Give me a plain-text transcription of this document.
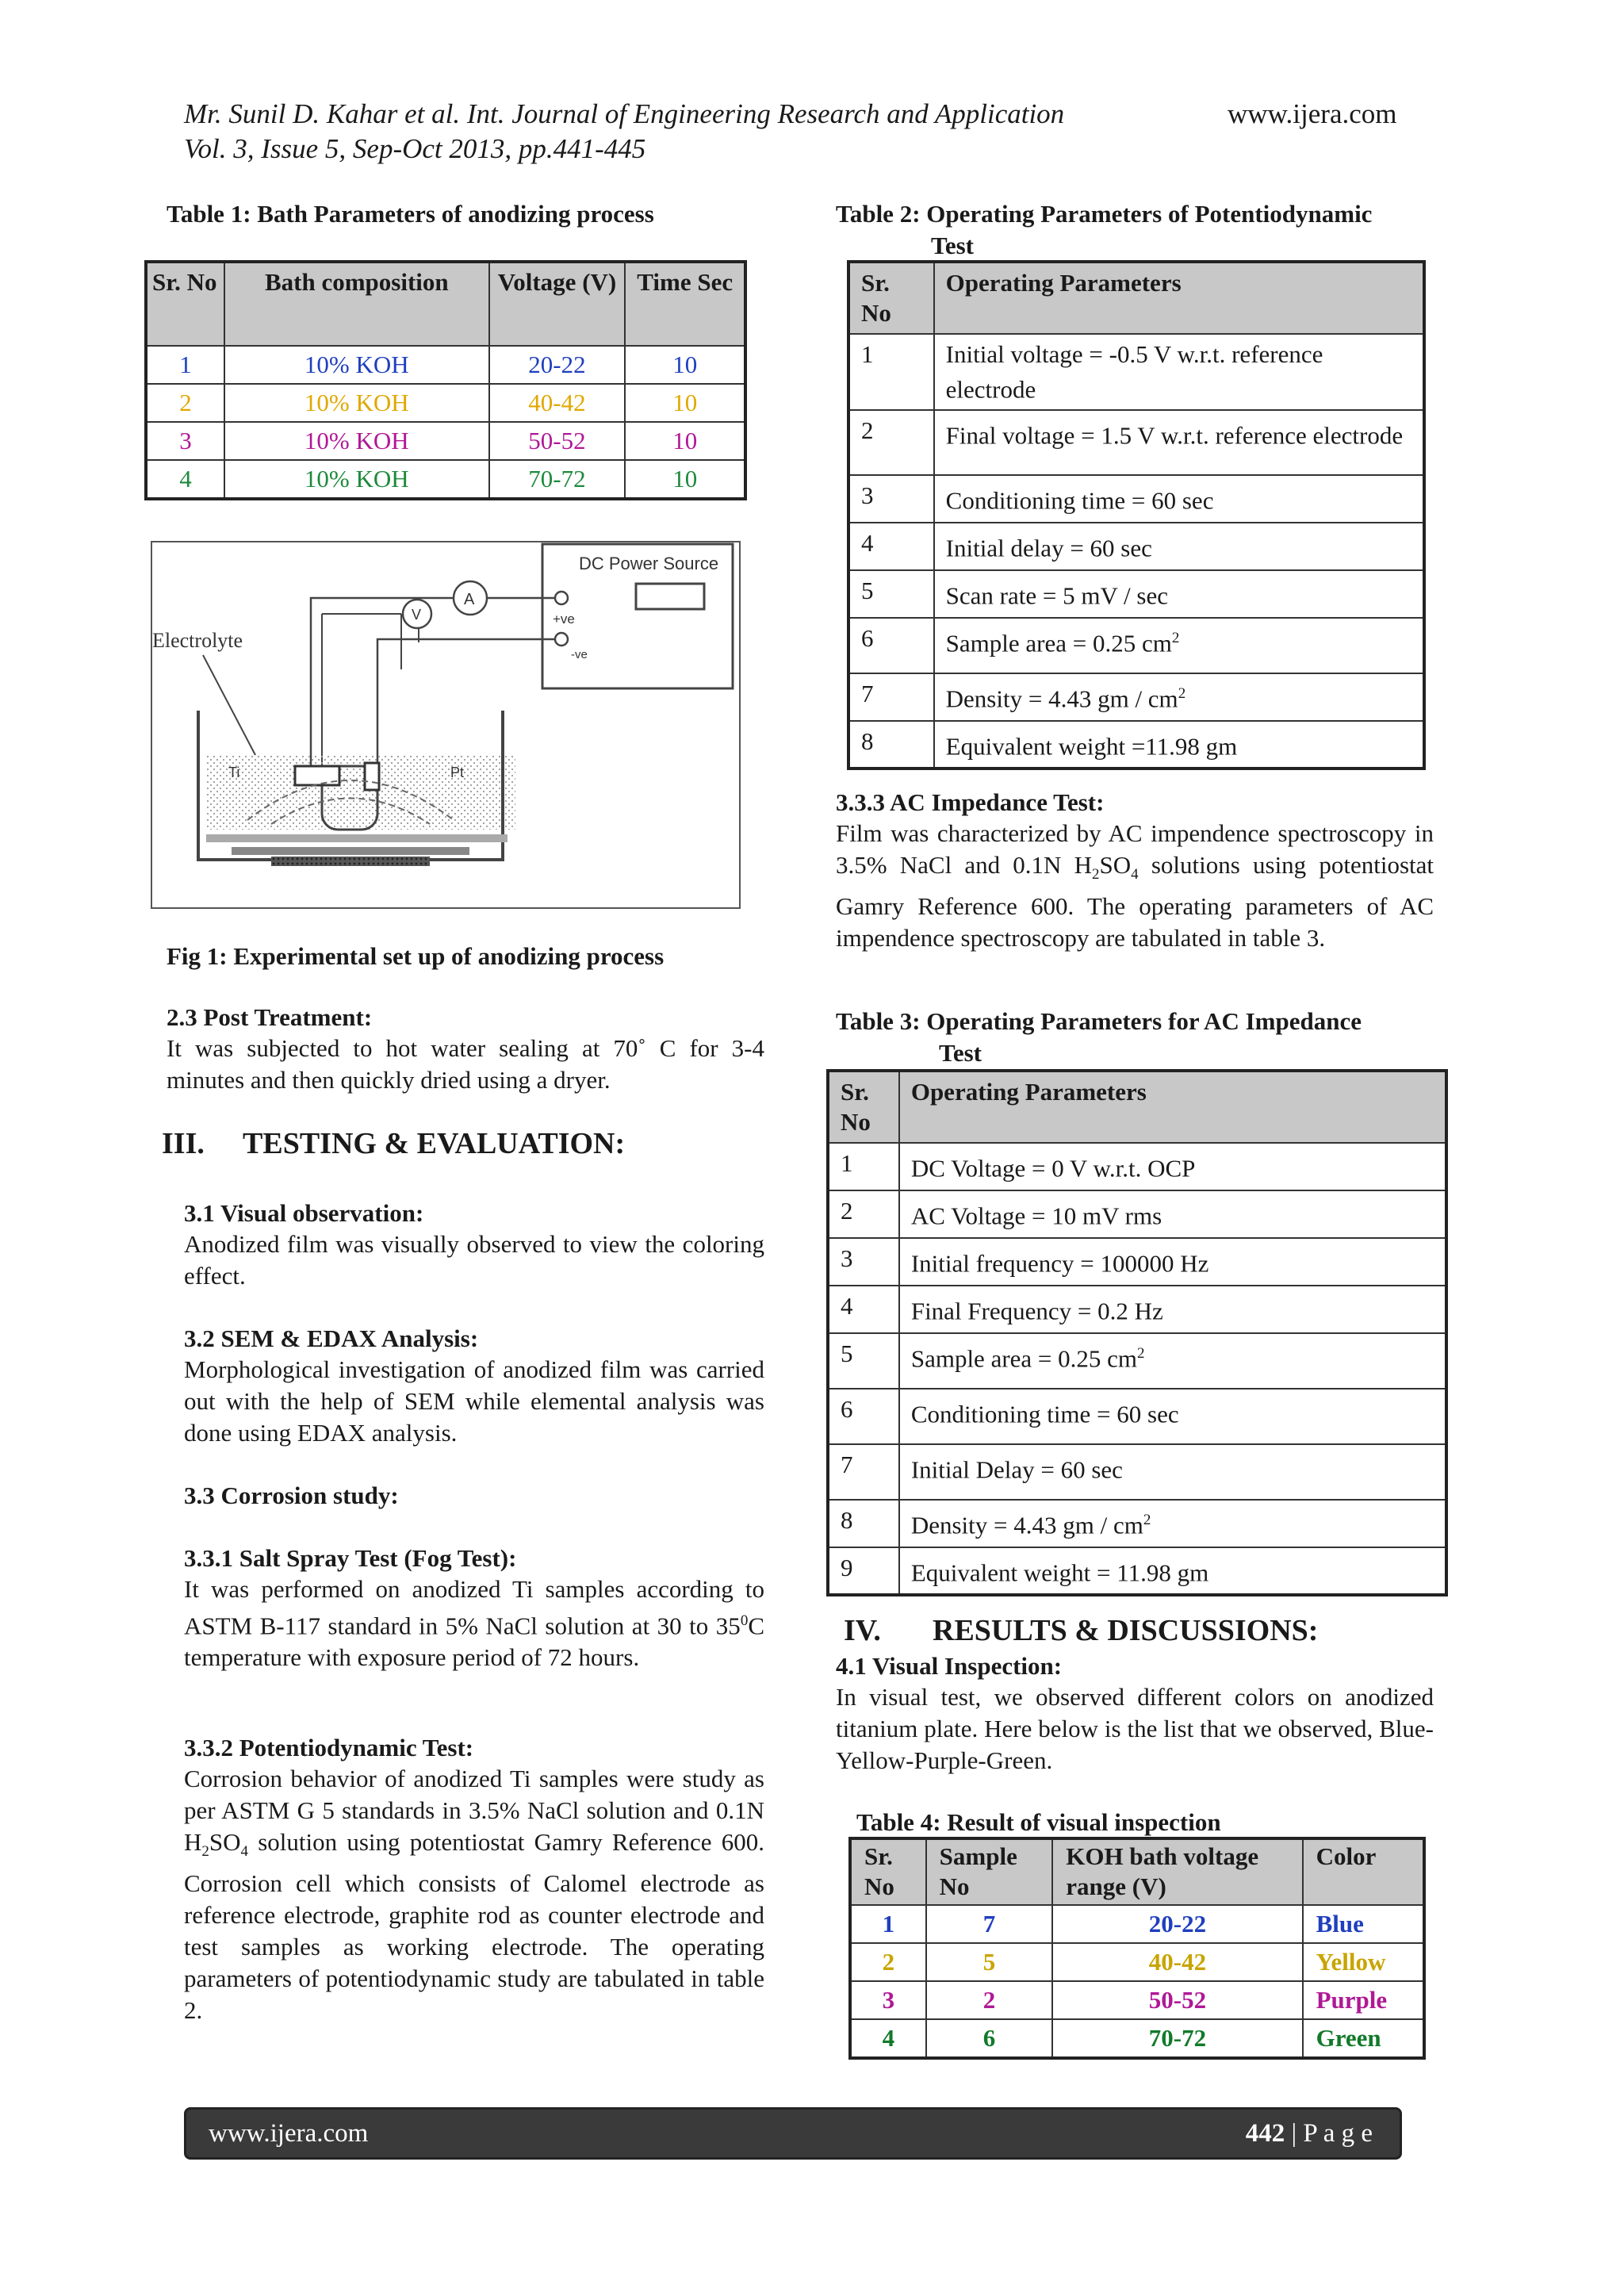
Mr. Sunil D. Kahar et al. Int. Journal of Engineering Research and Application	www.ijera.com
Vol. 3, Issue 5, Sep-Oct 2013, pp.441-445
Table 1: Bath Parameters of anodizing process
Sr. No	Bath composition	Voltage (V)	Time Sec
1	10% KOH	20-22	10
2	10% KOH	40-42	10
3	10% KOH	50-52	10
4	10% KOH	70-72	10
DC Power Source
+ve
-ve
A
V
Ti	Pt
Electrolyte
Fig 1: Experimental set up of anodizing process
2.3 Post Treatment:
It was subjected to hot water sealing at 70˚ C for 3-4 minutes and then quickly dried using a dryer.
III. TESTING & EVALUATION:
3.1 Visual observation:
Anodized film was visually observed to view the coloring effect.
3.2 SEM & EDAX Analysis:
Morphological investigation of anodized film was carried out with the help of SEM while elemental analysis was done using EDAX analysis.
3.3 Corrosion study:
3.3.1 Salt Spray Test (Fog Test):
It was performed on anodized Ti samples according to ASTM B-117 standard in 5% NaCl solution at 30 to $35^0C$ temperature with exposure period of 72 hours.
3.3.2 Potentiodynamic Test:
Corrosion behavior of anodized Ti samples were study as per ASTM G 5 standards in 3.5% NaCl solution and 0.1N $H_2SO_4$ solution using potentiostat Gamry Reference 600. Corrosion cell which consists of Calomel electrode as reference electrode, graphite rod as counter electrode and test samples as working electrode. The operating parameters of potentiodynamic study are tabulated in table 2.
Table 2: Operating Parameters of Potentiodynamic
Test
Sr. No	Operating Parameters
1	Initial voltage = -0.5 V w.r.t. reference electrode
2	Final voltage = 1.5 V w.r.t. reference electrode
3	Conditioning time = 60 sec
4	Initial delay = 60 sec
5	Scan rate = 5 mV / sec
6	Sample area = 0.25 $cm^2$
7	Density = 4.43 gm / $cm^2$
8	Equivalent weight =11.98 gm
3.3.3 AC Impedance Test:
Film was characterized by AC impendence spectroscopy in 3.5% NaCl and 0.1N $H_2SO_4$ solutions using potentiostat Gamry Reference 600. The operating parameters of AC impendence spectroscopy are tabulated in table 3.
Table 3: Operating Parameters for AC Impedance
Test
Sr. No	Operating Parameters
1	DC Voltage = 0 V w.r.t. OCP
2	AC Voltage = 10 mV rms
3	Initial frequency = 100000 Hz
4	Final Frequency = 0.2 Hz
5	Sample area = 0.25 $cm^2$
6	Conditioning time = 60 sec
7	Initial Delay = 60 sec
8	Density = 4.43 gm / $cm^2$
9	Equivalent weight = 11.98 gm
IV. RESULTS & DISCUSSIONS:
4.1 Visual Inspection:
In visual test, we observed different colors on anodized titanium plate. Here below is the list that we observed, Blue-Yellow-Purple-Green.
Table 4: Result of visual inspection
Sr. No	Sample No	KOH bath voltage range (V)	Color
1	7	20-22	Blue
2	5	40-42	Yellow
3	2	50-52	Purple
4	6	70-72	Green
www.ijera.com	442 | P a g e
